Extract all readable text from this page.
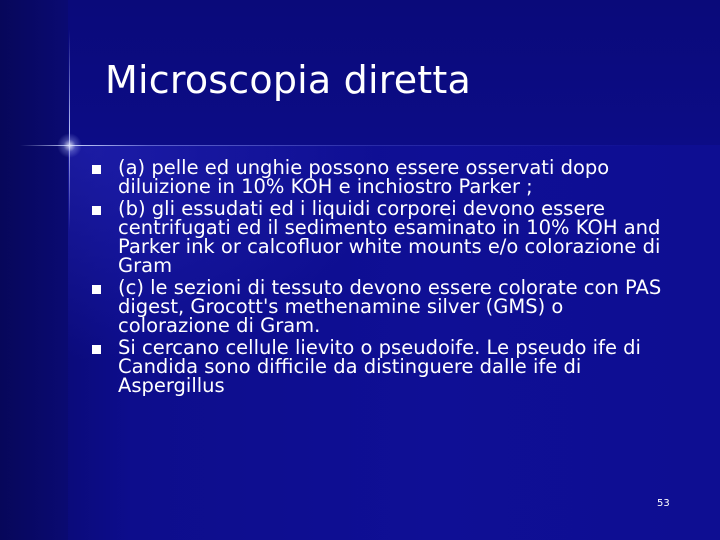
Microscopia diretta
(a) pelle ed unghie possono essere osservati dopo diluizione in 10% KOH e inchiostro Parker ;
(b) gli essudati ed i liquidi corporei devono essere centrifugati ed il sedimento esaminato in 10% KOH and Parker ink or calcofluor white mounts e/o colorazione di Gram
(c) le sezioni di tessuto devono essere colorate con PAS digest, Grocott's methenamine silver (GMS) o colorazione di Gram.
Si cercano cellule lievito o pseudoife. Le pseudo ife di Candida sono difficile da distinguere dalle ife di Aspergillus
53
